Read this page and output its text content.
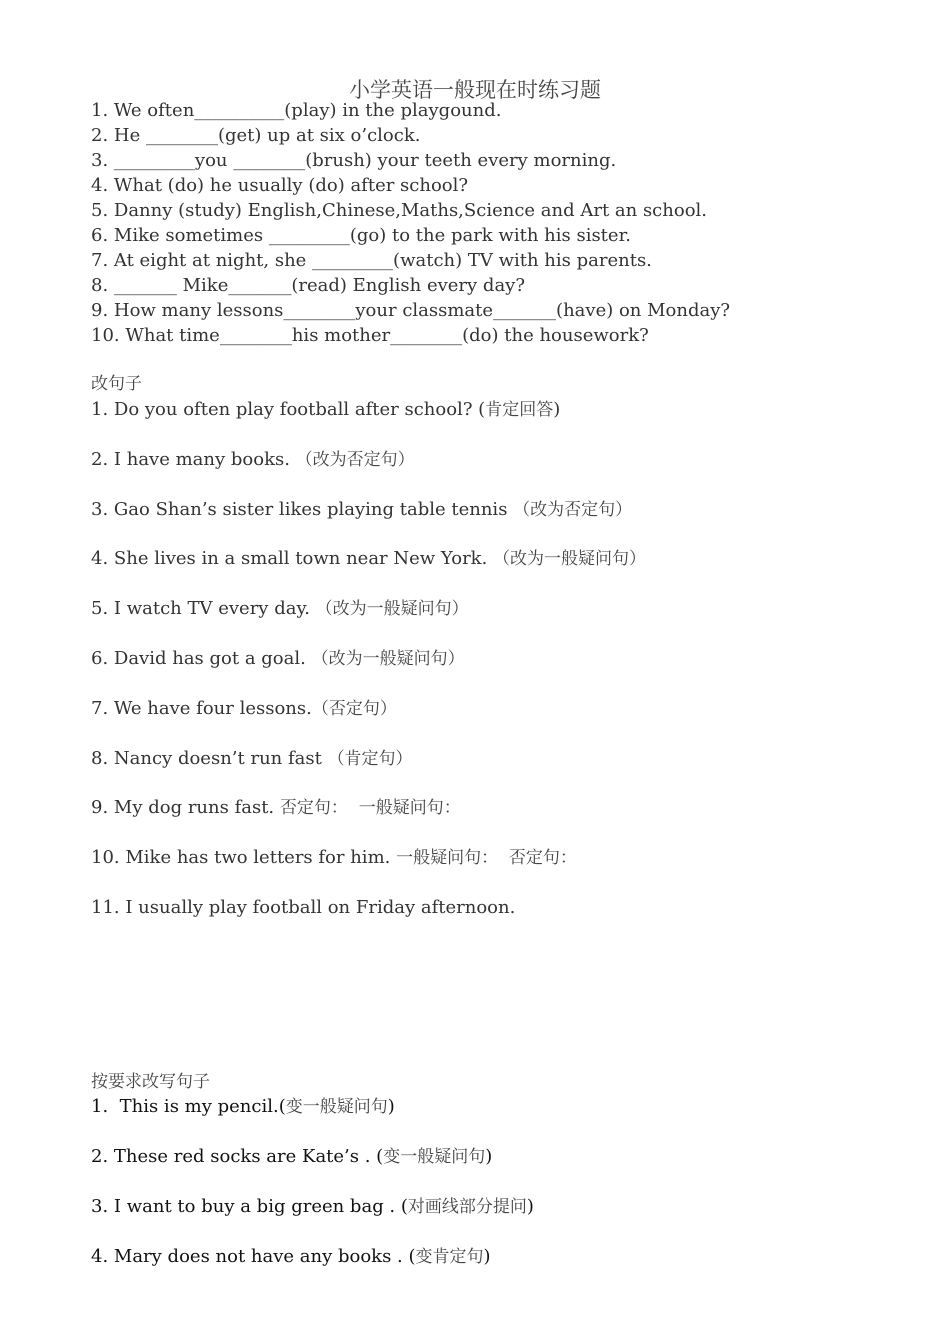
小学英语一般现在时练习题
1. We often__________(play) in the playgound.
2. He ________(get) up at six o’clock.
3. _________you ________(brush) your teeth every morning.
4. What (do) he usually (do) after school?
5. Danny (study) English,Chinese,Maths,Science and Art an school.
6. Mike sometimes _________(go) to the park with his sister.
7. At eight at night, she _________(watch) TV with his parents.
8. _______ Mike_______(read) English every day?
9. How many lessons________your classmate_______(have) on Monday?
10. What time________his mother________(do) the housework?
改句子
1. Do you often play football after school? (肯定回答)
2. I have many books. （改为否定句）
3. Gao Shan’s sister likes playing table tennis （改为否定句）
4. She lives in a small town near New York. （改为一般疑问句）
5. I watch TV every day. （改为一般疑问句）
6. David has got a goal. （改为一般疑问句）
7. We have four lessons.（否定句）
8. Nancy doesn’t run fast （肯定句）
9. My dog runs fast. 否定句：  一般疑问句：
10. Mike has two letters for him. 一般疑问句：  否定句：
11. I usually play football on Friday afternoon.
按要求改写句子
1.  This is my pencil.(变一般疑问句)
2. These red socks are Kate’s . (变一般疑问句)
3. I want to buy a big green bag . (对画线部分提问)
4. Mary does not have any books . (变肯定句)
